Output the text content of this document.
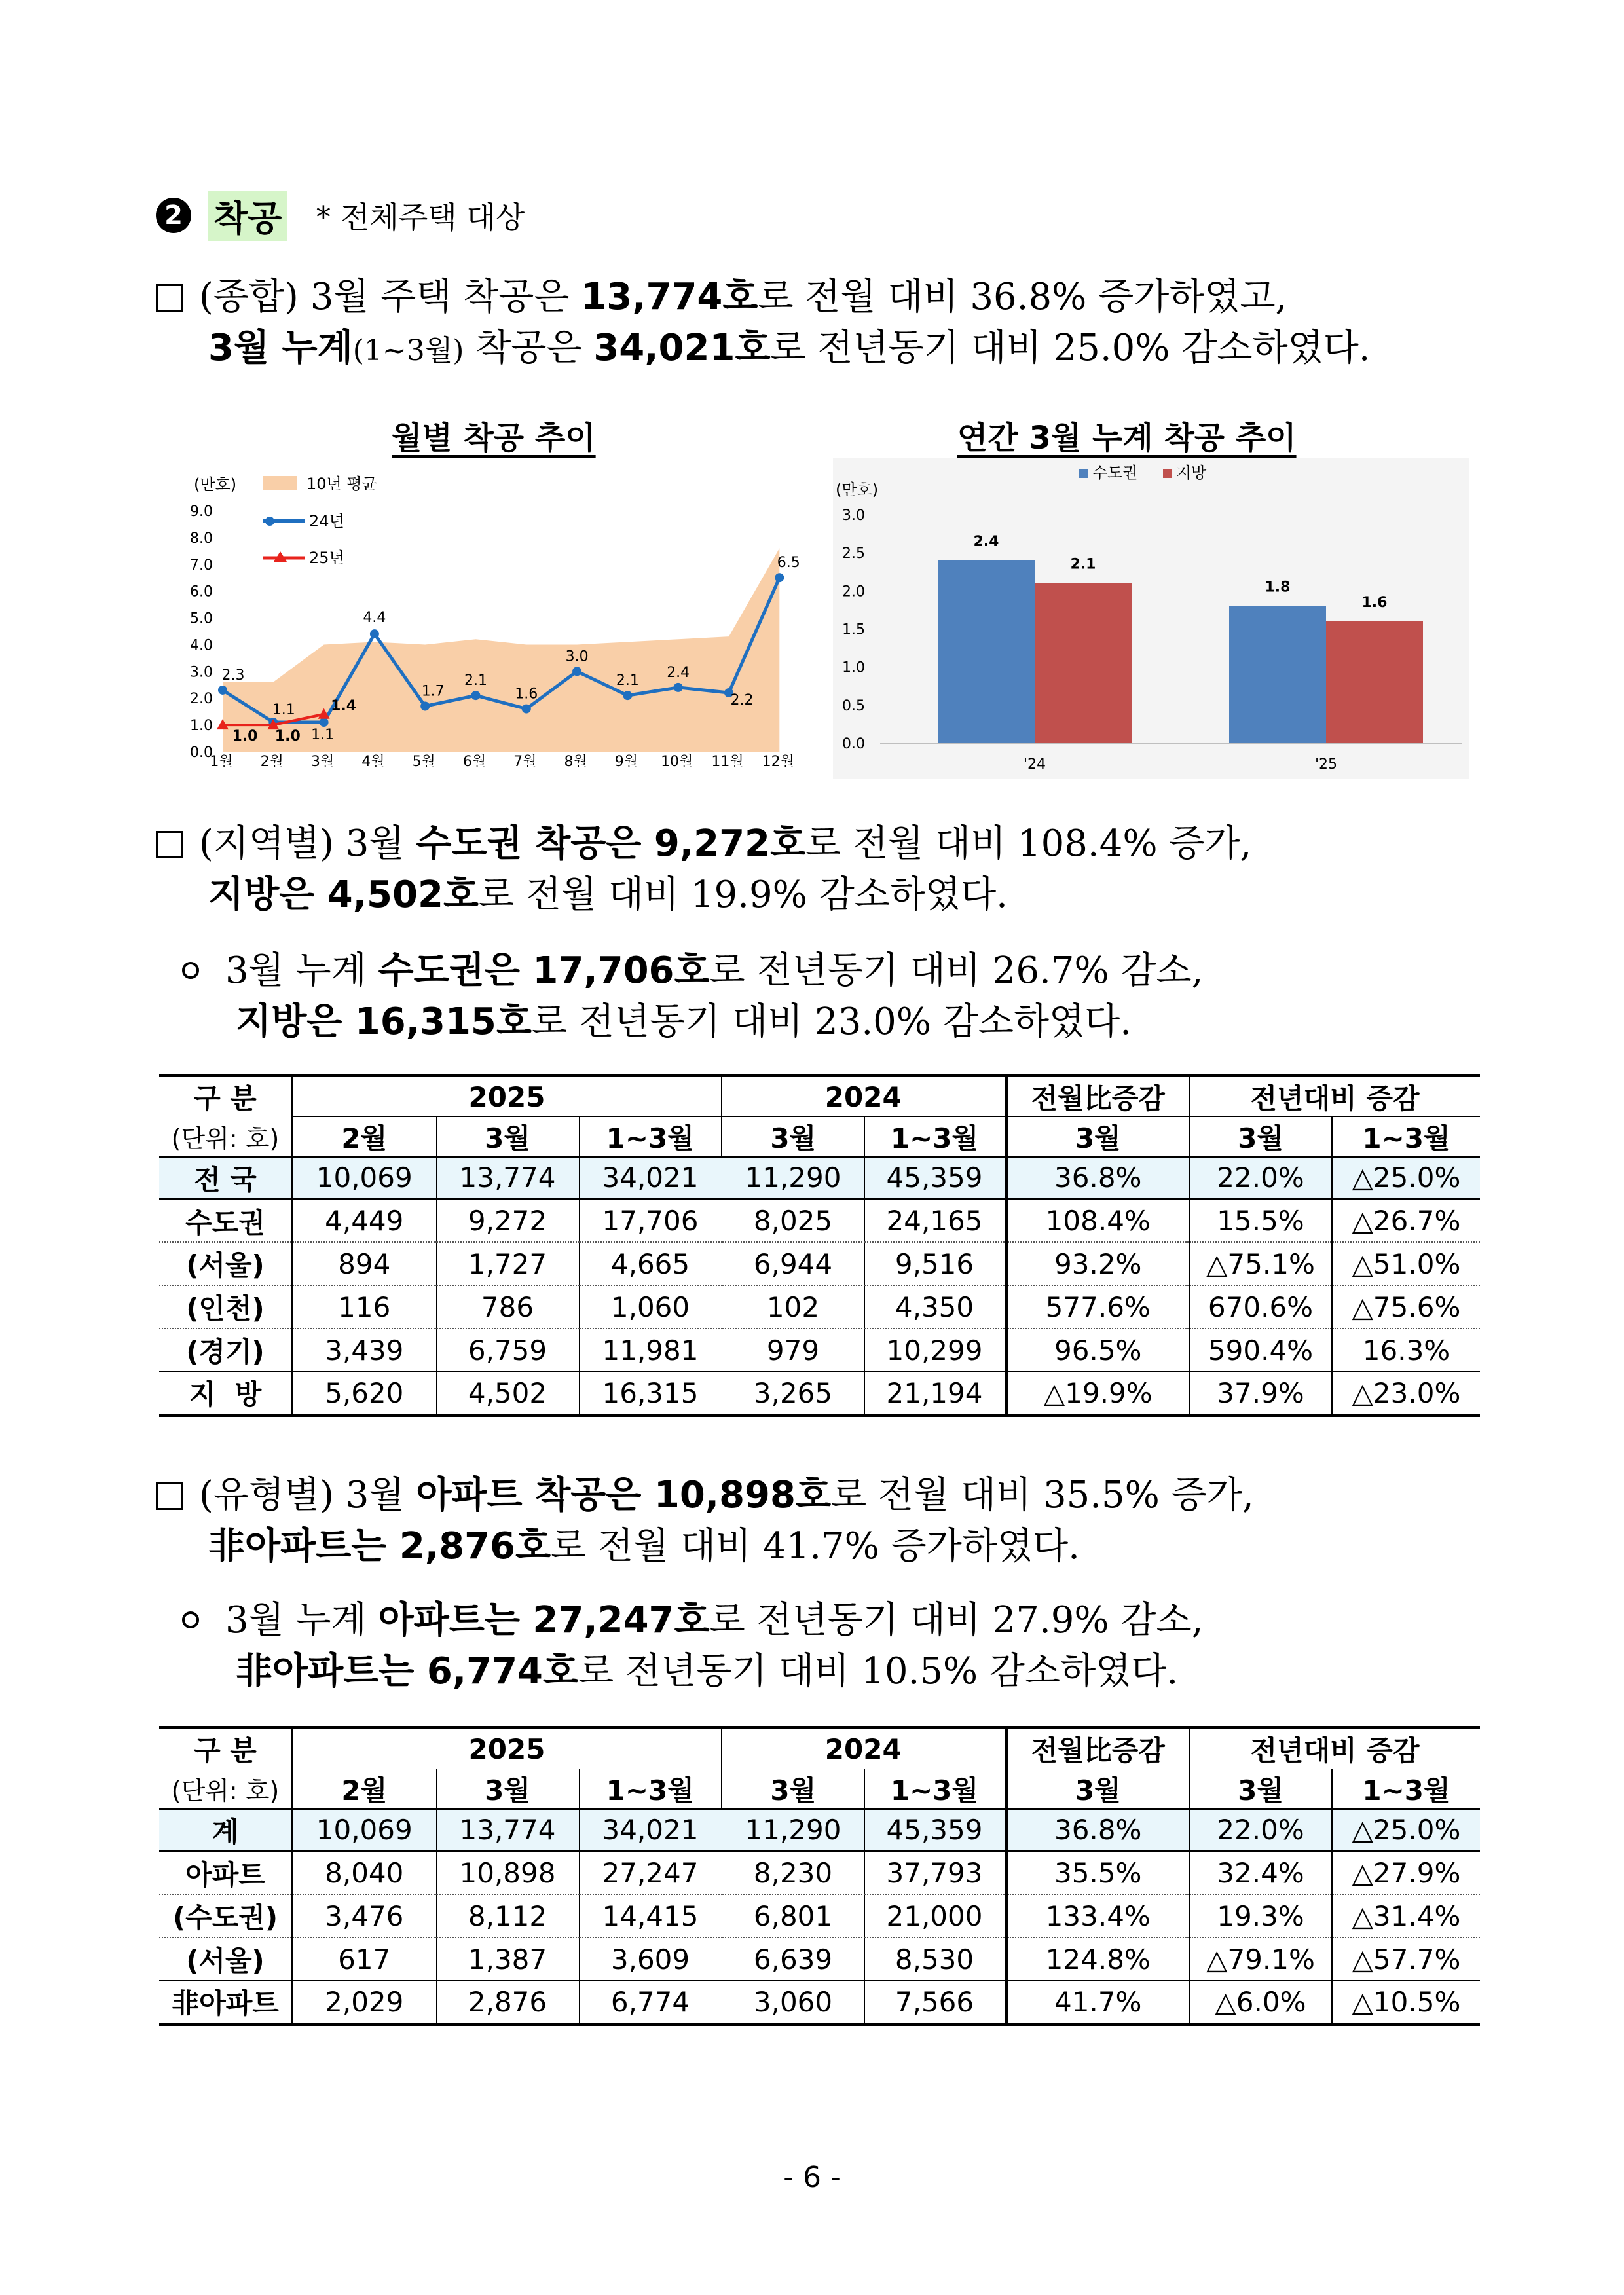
2 착공 * 전체주택 대상
(종합) 3월 주택 착공은 13,774호로 전월 대비 36.8% 증가하였고,
3월 누계(1~3월) 착공은 34,021호로 전년동기 대비 25.0% 감소하였다.
월별 착공 추이	연간 3월 누계 착공 추이
(만호)
0.0
1.0
2.0
3.0
4.0
5.0
6.0
7.0
8.0
9.0
2.3
1.1
1.1
4.4
1.7
2.1
1.6
3.0
2.1 2.4
2.2
6.5
1.0 1.0
1.4
1월 2월 3월 4월 5월 6월 7월 8월 9월 10월 11월 12월
10년 평균
24년
25년
(만호)
0.0
0.5
1.0
1.5
2.0
2.5
3.0
2.4
1.8
2.1
1.6
'24	'25
수도권 지방
(지역별) 3월 수도권 착공은 9,272호로 전월 대비 108.4% 증가,
지방은 4,502호로 전월 대비 19.9% 감소하였다.
3월 누계 수도권은 17,706호로 전년동기 대비 26.7% 감소,
지방은 16,315호로 전년동기 대비 23.0% 감소하였다.
구 분	2025			2024		전월比증감	전년대비 증감	
(단위: 호)	2월	3월	1~3월	3월	1~3월	3월	3월	1~3월
전 국	10,069	13,774	34,021	11,290	45,359	36.8%	22.0%	△25.0%
수도권	4,449	9,272	17,706	8,025	24,165	108.4%	15.5%	△26.7%
(서울)	894	1,727	4,665	6,944	9,516	93.2%	△75.1%	△51.0%
(인천)	116	786	1,060	102	4,350	577.6%	670.6%	△75.6%
(경기)	3,439	6,759	11,981	979	10,299	96.5%	590.4%	16.3%
지  방	5,620	4,502	16,315	3,265	21,194	△19.9%	37.9%	△23.0%
(유형별) 3월 아파트 착공은 10,898호로 전월 대비 35.5% 증가,
非아파트는 2,876호로 전월 대비 41.7% 증가하였다.
3월 누계 아파트는 27,247호로 전년동기 대비 27.9% 감소,
非아파트는 6,774호로 전년동기 대비 10.5% 감소하였다.
구 분	2025			2024		전월比증감	전년대비 증감	
(단위: 호)	2월	3월	1~3월	3월	1~3월	3월	3월	1~3월
계	10,069	13,774	34,021	11,290	45,359	36.8%	22.0%	△25.0%
아파트	8,040	10,898	27,247	8,230	37,793	35.5%	32.4%	△27.9%
(수도권)	3,476	8,112	14,415	6,801	21,000	133.4%	19.3%	△31.4%
(서울)	617	1,387	3,609	6,639	8,530	124.8%	△79.1%	△57.7%
非아파트	2,029	2,876	6,774	3,060	7,566	41.7%	△6.0%	△10.5%
- 6 -
